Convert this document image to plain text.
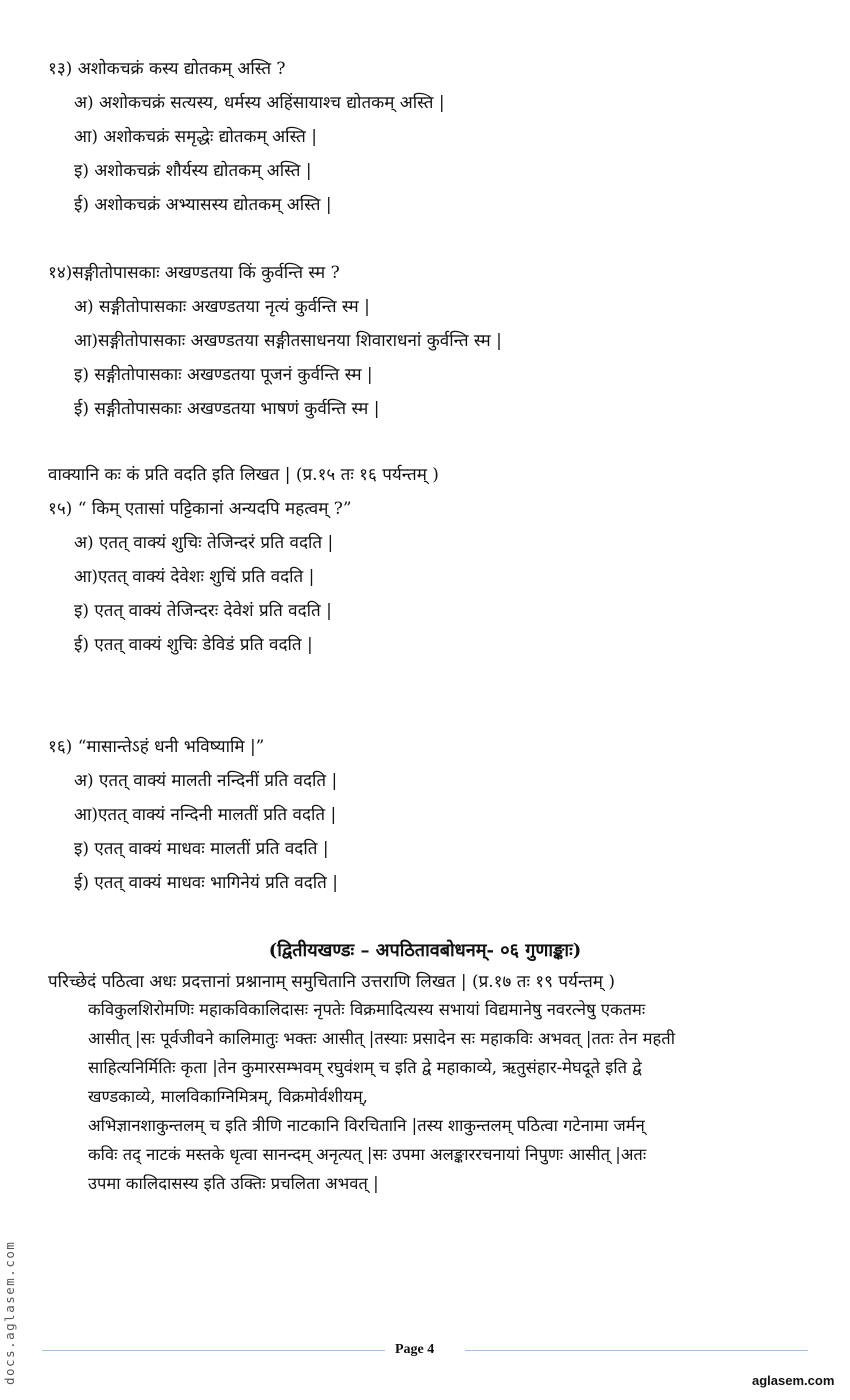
१३) अशोकचक्रं कस्य द्योतकम् अस्ति ?
अ) अशोकचक्रं सत्यस्य, धर्मस्य अहिंसायाश्च द्योतकम् अस्ति |
आ) अशोकचक्रं समृद्धेः द्योतकम् अस्ति |
इ) अशोकचक्रं शौर्यस्य द्योतकम् अस्ति |
ई) अशोकचक्रं अभ्यासस्य द्योतकम् अस्ति |
१४)सङ्गीतोपासकाः अखण्डतया किं कुर्वन्ति स्म ?
अ) सङ्गीतोपासकाः अखण्डतया नृत्यं कुर्वन्ति स्म |
आ)सङ्गीतोपासकाः अखण्डतया सङ्गीतसाधनया शिवाराधनां कुर्वन्ति स्म |
इ) सङ्गीतोपासकाः अखण्डतया पूजनं कुर्वन्ति स्म |
ई) सङ्गीतोपासकाः अखण्डतया भाषणं कुर्वन्ति स्म |
वाक्यानि कः कं प्रति वदति इति लिखत | (प्र.१५ तः १६ पर्यन्तम् )
१५) “ किम् एतासां पट्टिकानां अन्यदपि महत्वम् ?”
अ) एतत् वाक्यं शुचिः तेजिन्दरं प्रति वदति |
आ)एतत् वाक्यं देवेशः शुचिं प्रति वदति |
इ) एतत् वाक्यं तेजिन्दरः देवेशं प्रति वदति |
ई) एतत् वाक्यं शुचिः डेविडं प्रति वदति |
१६) “मासान्तेऽहं धनी भविष्यामि |”
अ) एतत् वाक्यं मालती नन्दिनीं प्रति वदति |
आ)एतत् वाक्यं नन्दिनी मालतीं प्रति वदति |
इ) एतत् वाक्यं माधवः मालतीं प्रति वदति |
ई) एतत् वाक्यं माधवः भागिनेयं प्रति वदति |
(द्वितीयखण्डः – अपठितावबोधनम्- ०६ गुणाङ्काः)
परिच्छेदं पठित्वा अधः प्रदत्तानां प्रश्नानाम् समुचितानि उत्तराणि लिखत | (प्र.१७ तः १९ पर्यन्तम् )
कविकुलशिरोमणिः महाकविकालिदासः नृपतेः विक्रमादित्यस्य सभायां विद्यमानेषु नवरत्नेषु एकतमः
आसीत् |सः पूर्वजीवने कालिमातुः भक्तः आसीत् |तस्याः प्रसादेन सः महाकविः अभवत् |ततः तेन महती
साहित्यनिर्मितिः कृता |तेन कुमारसम्भवम् रघुवंशम् च इति द्वे महाकाव्ये, ऋतुसंहार-मेघदूते इति द्वे
खण्डकाव्ये, मालविकाग्निमित्रम्, विक्रमोर्वशीयम्,
अभिज्ञानशाकुन्तलम् च इति त्रीणि नाटकानि विरचितानि |तस्य शाकुन्तलम् पठित्वा गटेनामा जर्मन्
कविः तद् नाटकं मस्तके धृत्वा सानन्दम् अनृत्यत् |सः उपमा अलङ्काररचनायां निपुणः आसीत् |अतः
उपमा कालिदासस्य इति उक्तिः प्रचलिता अभवत् |
docs.aglasem.com	Page 4
aglasem.com
